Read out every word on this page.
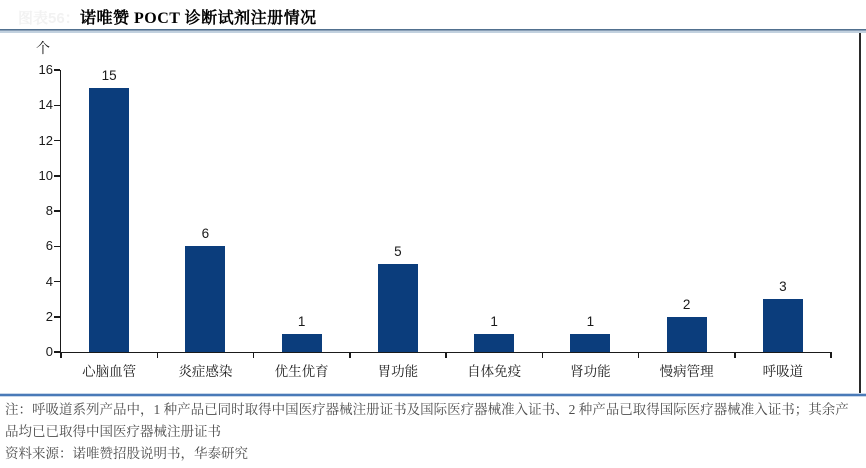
图表56： 诺唯赞 POCT 诊断试剂注册情况
个
0
2
4
6
8
10
12
14
16	15
心脑血管
6
炎症感染
1
优生优育
5
胃功能
1
自体免疫
1
肾功能
2
慢病管理
3
呼吸道
注：呼吸道系列产品中，1 种产品已同时取得中国医疗器械注册证书及国际医疗器械准入证书、2 种产品已取得国际医疗器械准入证书；其余产品均已已取得中国医疗器械注册证书
资料来源：诺唯赞招股说明书，华泰研究
